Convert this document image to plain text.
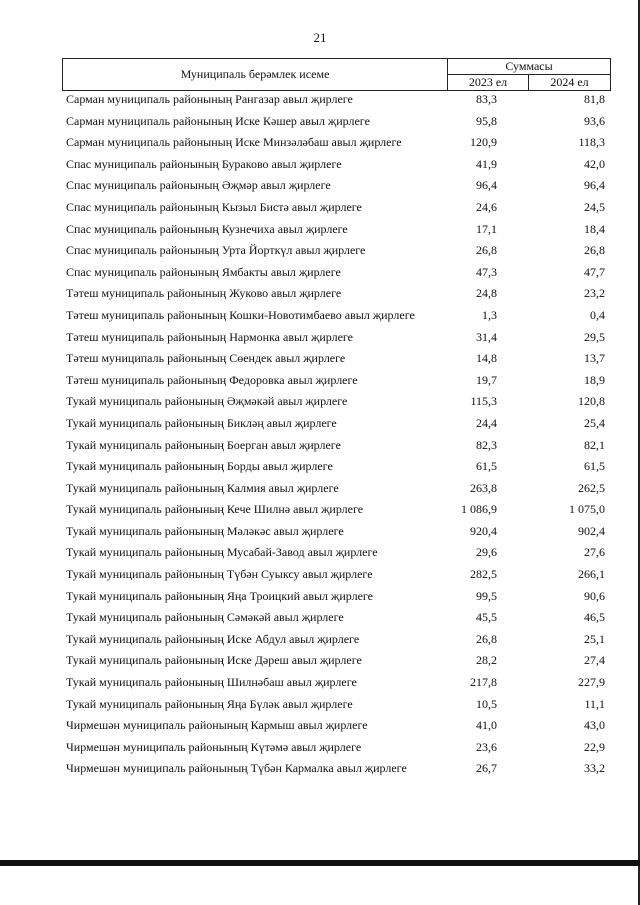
21
Муниципаль берәмлек исеме
Суммасы
2023 ел	2024 ел
Сарман муниципаль районының Рангазар авыл җирлеге	83,3	81,8
Сарман муниципаль районының Иске Кәшер авыл җирлеге	95,8	93,6
Сарман муниципаль районының Иске Минзәләбаш авыл җирлеге	120,9	118,3
Спас муниципаль районының Бураково авыл җирлеге	41,9	42,0
Спас муниципаль районының Әҗмәр авыл җирлеге	96,4	96,4
Спас муниципаль районының Кызыл Бистә авыл җирлеге	24,6	24,5
Спас муниципаль районының Кузнечиха авыл җирлеге	17,1	18,4
Спас муниципаль районының Урта Йорткүл авыл җирлеге	26,8	26,8
Спас муниципаль районының Ямбакты авыл җирлеге	47,3	47,7
Тәтеш муниципаль районының Жуково авыл җирлеге	24,8	23,2
Тәтеш муниципаль районының Кошки-Новотимбаево авыл җирлеге	1,3	0,4
Тәтеш муниципаль районының Нармонка авыл җирлеге	31,4	29,5
Тәтеш муниципаль районының Сөендек авыл җирлеге	14,8	13,7
Тәтеш муниципаль районының Федоровка авыл җирлеге	19,7	18,9
Тукай муниципаль районының Әҗмәкәй авыл җирлеге	115,3	120,8
Тукай муниципаль районының Бикләң авыл җирлеге	24,4	25,4
Тукай муниципаль районының Боерган авыл җирлеге	82,3	82,1
Тукай муниципаль районының Борды авыл җирлеге	61,5	61,5
Тукай муниципаль районының Калмия авыл җирлеге	263,8	262,5
Тукай муниципаль районының Кече Шилнә авыл җирлеге	1 086,9	1 075,0
Тукай муниципаль районының Мәләкәс авыл җирлеге	920,4	902,4
Тукай муниципаль районының Мусабай-Завод авыл җирлеге	29,6	27,6
Тукай муниципаль районының Түбән Суыксу авыл җирлеге	282,5	266,1
Тукай муниципаль районының Яңа Троицкий авыл җирлеге	99,5	90,6
Тукай муниципаль районының Сәмәкәй авыл җирлеге	45,5	46,5
Тукай муниципаль районының Иске Абдул авыл җирлеге	26,8	25,1
Тукай муниципаль районының Иске Дәреш авыл җирлеге	28,2	27,4
Тукай муниципаль районының Шилнәбаш авыл җирлеге	217,8	227,9
Тукай муниципаль районының Яңа Бүләк авыл җирлеге	10,5	11,1
Чирмешән муниципаль районының Кармыш авыл җирлеге	41,0	43,0
Чирмешән муниципаль районының Күтәмә авыл җирлеге	23,6	22,9
Чирмешән муниципаль районының Түбән Кармалка авыл җирлеге	26,7	33,2
